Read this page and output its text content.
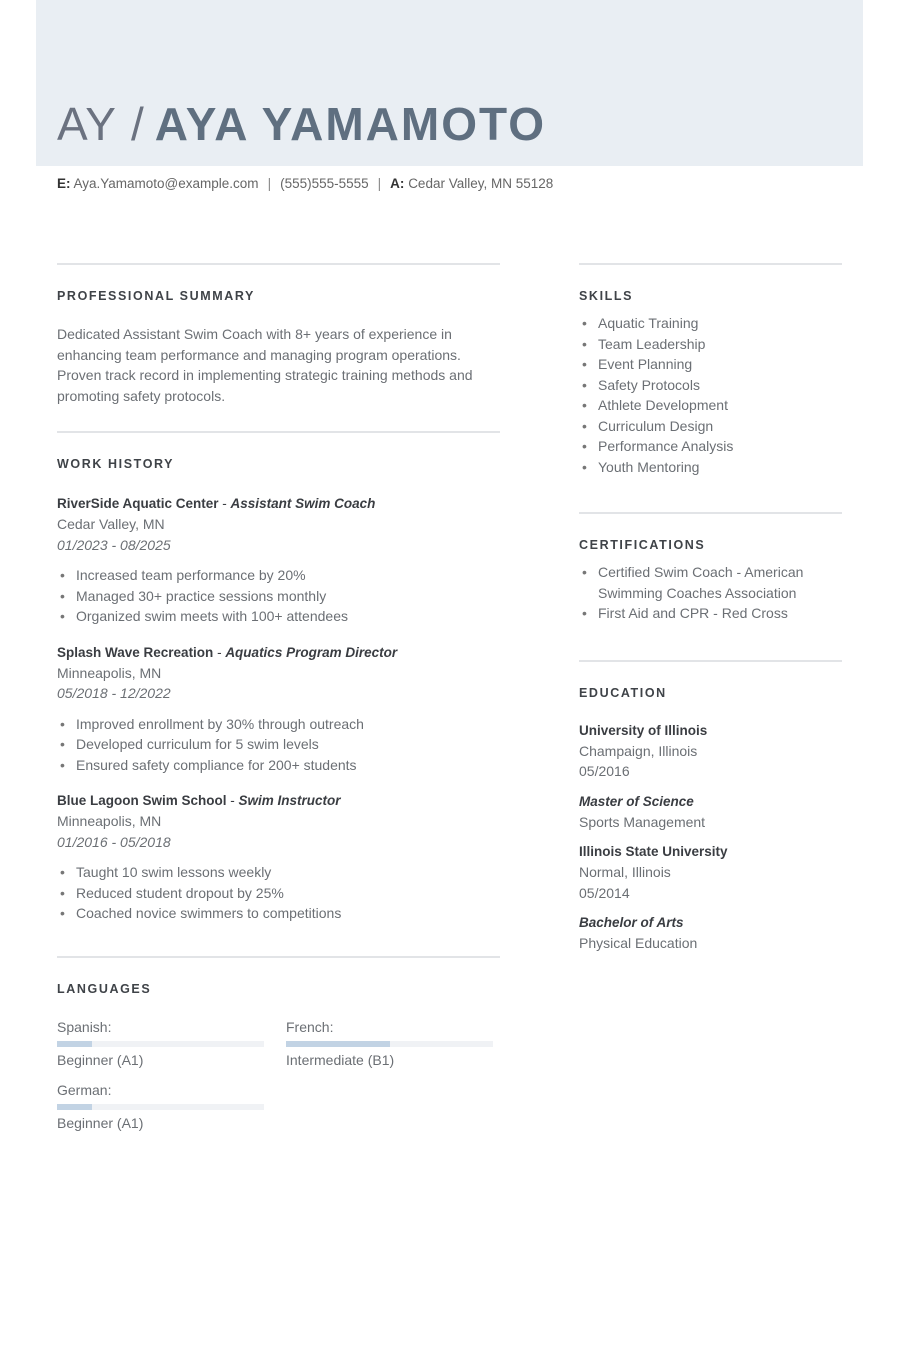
AY / AYA YAMAMOTO
E: Aya.Yamamoto@example.com | (555)555-5555 | A: Cedar Valley, MN 55128
PROFESSIONAL SUMMARY
Dedicated Assistant Swim Coach with 8+ years of experience in enhancing team performance and managing program operations. Proven track record in implementing strategic training methods and promoting safety protocols.
WORK HISTORY
RiverSide Aquatic Center - Assistant Swim Coach
Cedar Valley, MN
01/2023 - 08/2025
• Increased team performance by 20%
• Managed 30+ practice sessions monthly
• Organized swim meets with 100+ attendees
Splash Wave Recreation - Aquatics Program Director
Minneapolis, MN
05/2018 - 12/2022
• Improved enrollment by 30% through outreach
• Developed curriculum for 5 swim levels
• Ensured safety compliance for 200+ students
Blue Lagoon Swim School - Swim Instructor
Minneapolis, MN
01/2016 - 05/2018
• Taught 10 swim lessons weekly
• Reduced student dropout by 25%
• Coached novice swimmers to competitions
LANGUAGES
Spanish:
Beginner (A1)
French:
Intermediate (B1)
German:
Beginner (A1)
SKILLS
• Aquatic Training
• Team Leadership
• Event Planning
• Safety Protocols
• Athlete Development
• Curriculum Design
• Performance Analysis
• Youth Mentoring
CERTIFICATIONS
• Certified Swim Coach - American Swimming Coaches Association
• First Aid and CPR - Red Cross
EDUCATION
University of Illinois
Champaign, Illinois
05/2016
Master of Science
Sports Management
Illinois State University
Normal, Illinois
05/2014
Bachelor of Arts
Physical Education
